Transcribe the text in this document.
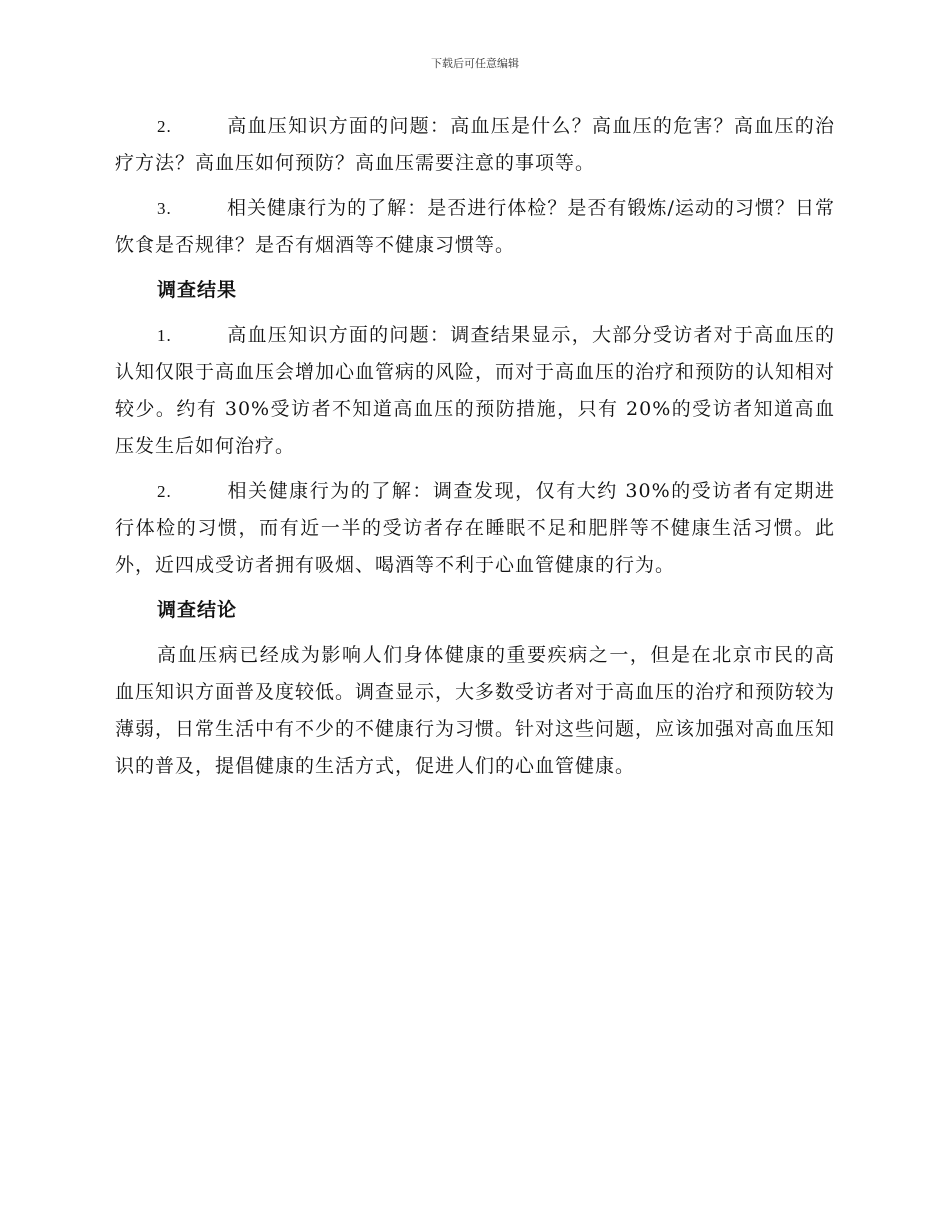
下载后可任意编辑

2.	高血压知识方面的问题：高血压是什么？高血压的危害？高血压的治疗方法？高血压如何预防？高血压需要注意的事项等。

3.	相关健康行为的了解：是否进行体检？是否有锻炼/运动的习惯？日常饮食是否规律？是否有烟酒等不健康习惯等。

调查结果

1.	高血压知识方面的问题：调查结果显示，大部分受访者对于高血压的认知仅限于高血压会增加心血管病的风险，而对于高血压的治疗和预防的认知相对较少。约有 30%受访者不知道高血压的预防措施，只有 20%的受访者知道高血压发生后如何治疗。

2.	相关健康行为的了解：调查发现，仅有大约 30%的受访者有定期进行体检的习惯，而有近一半的受访者存在睡眠不足和肥胖等不健康生活习惯。此外，近四成受访者拥有吸烟、喝酒等不利于心血管健康的行为。

调查结论

高血压病已经成为影响人们身体健康的重要疾病之一，但是在北京市民的高血压知识方面普及度较低。调查显示，大多数受访者对于高血压的治疗和预防较为薄弱，日常生活中有不少的不健康行为习惯。针对这些问题，应该加强对高血压知识的普及，提倡健康的生活方式，促进人们的心血管健康。
